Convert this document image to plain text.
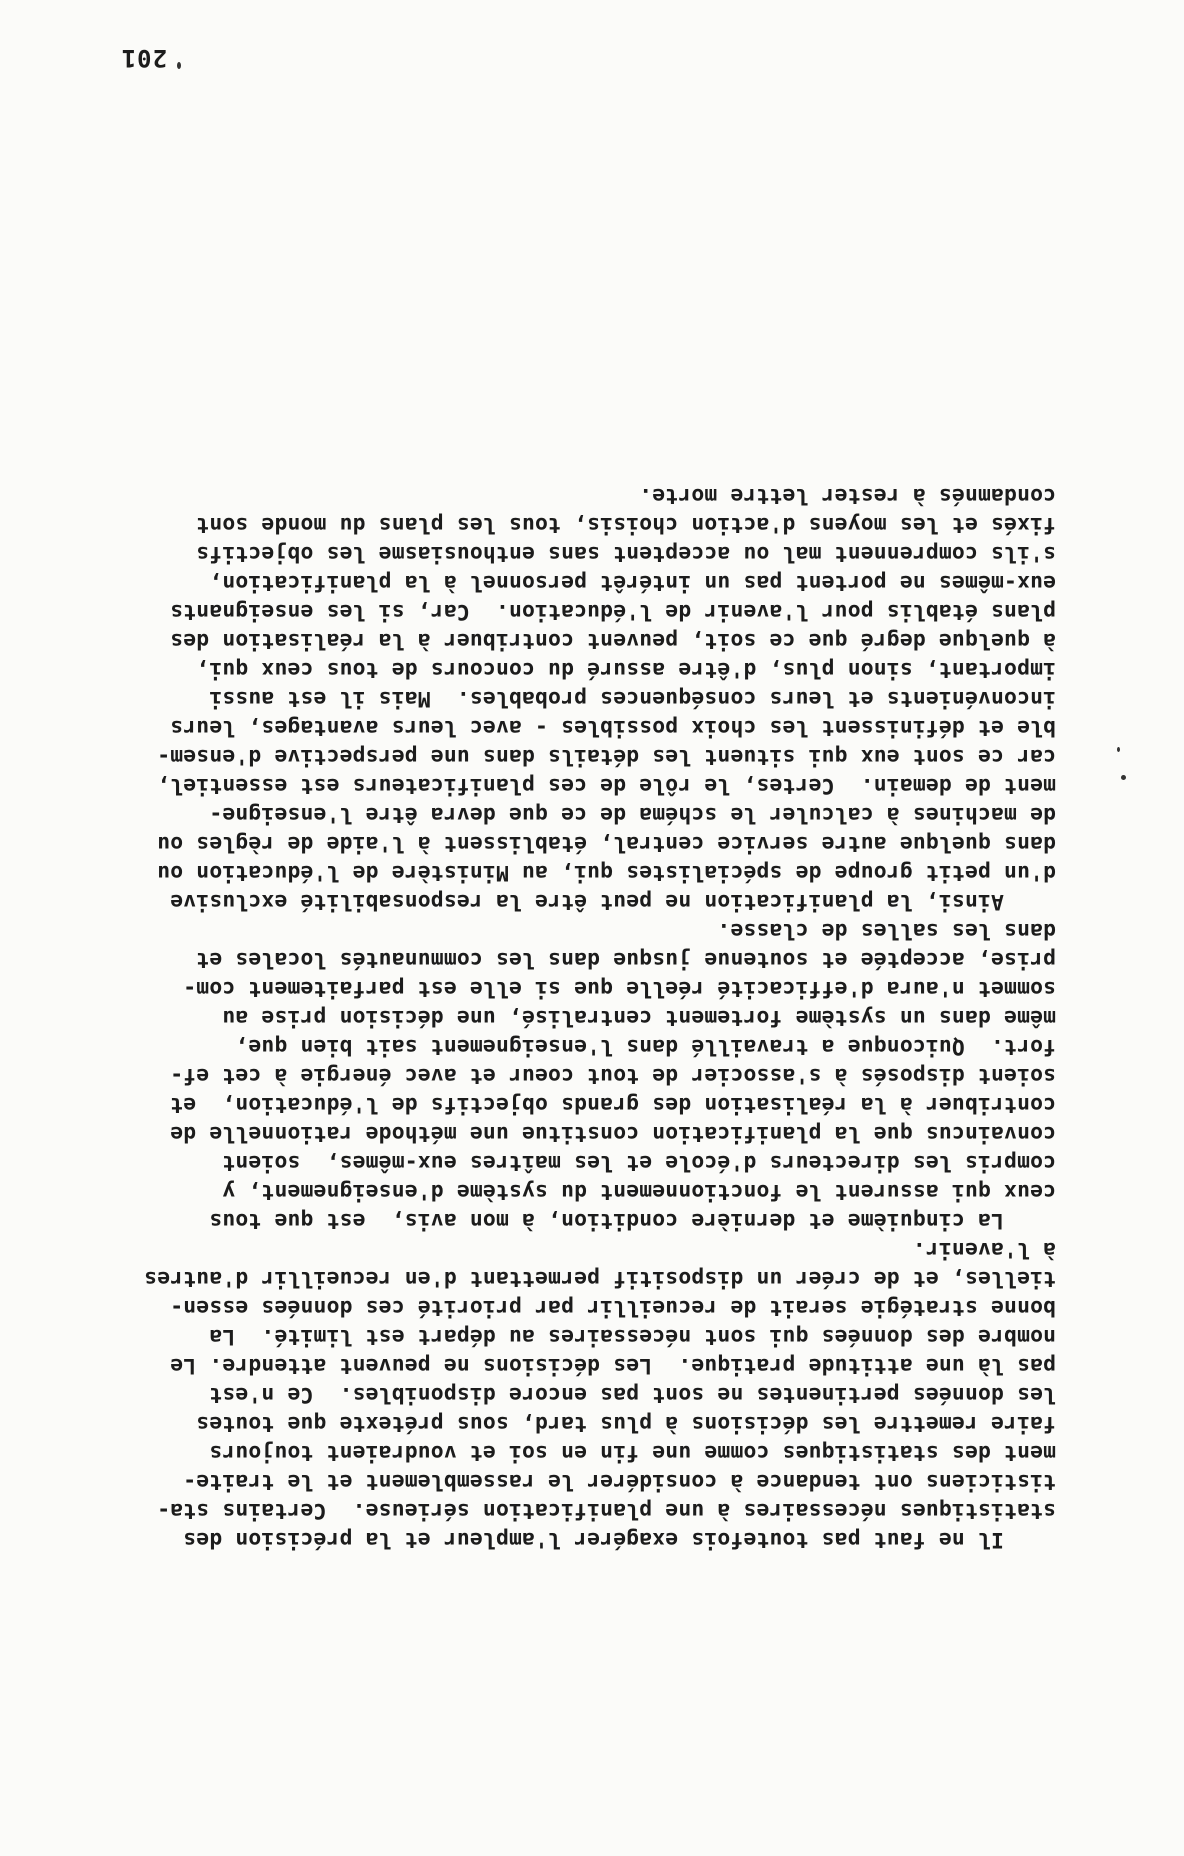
Il ne faut pas toutefois exagérer l'ampleur et la précision des
statistiques nécessaires à une planification sérieuse.  Certains sta-
tisticiens ont tendance à considérer le rassemblement et le traite-
ment des statistiques comme une fin en soi et voudraient toujours
faire remettre les décisions à plus tard, sous prétexte que toutes
les données pertinentes ne sont pas encore disponibles.  Ce n'est
pas là une attitude pratique.  Les décisions ne peuvent attendre. Le
nombre des données qui sont nécessaires au départ est limité.  La
bonne stratégie serait de recueillir par priorité ces données essen-
tielles, et de créer un dispositif permettant d'en recueillir d'autres
à l'avenir.
La cinquième et dernière condition, à mon avis,  est que tous
ceux qui assurent le fonctionnement du système d'enseignement, y
compris les directeurs d'école et les maîtres eux-mêmes,  soient
convaincus que la planification constitue une méthode rationnelle de
contribuer à la réalisation des grands objectifs de l'éducation,  et
soient disposés à s'associer de tout coeur et avec énergie à cet ef-
fort.  Quiconque a travaillé dans l'enseignement sait bien que,
même dans un système fortement centralisé, une décision prise au
sommet n'aura d'efficacité réelle que si elle est parfaitement com-
prise, acceptée et soutenue jusque dans les communautés locales et
dans les salles de classe.
Ainsi, la planification ne peut être la responsabilité exclusive
d'un petit groupe de spécialistes qui, au Ministère de l'éducation ou
dans quelque autre service central, établissent à l'aide de règles ou
de machines à calculer le schéma de ce que devra être l'enseigne-
ment de demain.  Certes, le rôle de ces planificateurs est essentiel,
car ce sont eux qui situent les détails dans une perspective d'ensem-
ble et définissent les choix possibles - avec leurs avantages, leurs
inconvénients et leurs conséquences probables.  Mais il est aussi
important, sinon plus, d'être assuré du concours de tous ceux qui,
à quelque degré que ce soit, peuvent contribuer à la réalisation des
plans établis pour l'avenir de l'éducation.  Car, si les enseignants
eux-mêmes ne portent pas un intérêt personnel à la planification,
s'ils comprennent mal ou acceptent sans enthousiasme les objectifs
fixés et les moyens d'action choisis, tous les plans du monde sont
condamnés à rester lettre morte.
201
